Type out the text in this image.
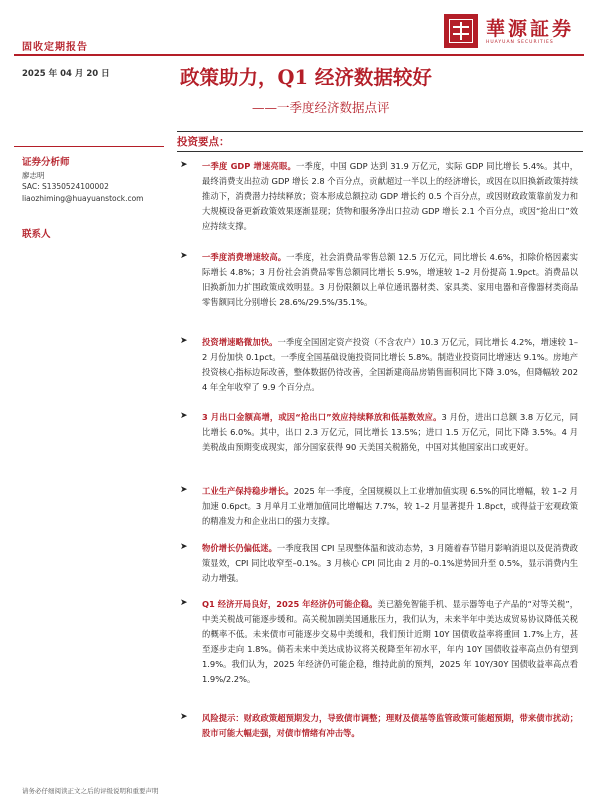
固收定期报告
華源証券
HUAYUAN SECURITIES
2025 年 04 月 20 日	政策助力，Q1 经济数据较好
——一季度经济数据点评
证券分析师
廖志明
SAC: S1350524100002
liaozhiming@huayuanstock.com
联系人
投资要点：
➤ 一季度 GDP 增速亮眼。一季度，中国 GDP 达到 31.9 万亿元，实际 GDP 同比增长 5.4%。其中，最终消费支出拉动 GDP 增长 2.8 个百分点，贡献超过一半以上的经济增长，或因在以旧换新政策持续推动下，消费潜力持续释放；资本形成总额拉动 GDP 增长约 0.5 个百分点，或因财政政策靠前发力和大规模设备更新政策效果逐渐显现；货物和服务净出口拉动 GDP 增长 2.1 个百分点，或因“抢出口”效应持续支撑。
➤ 一季度消费增速较高。一季度，社会消费品零售总额 12.5 万亿元，同比增长 4.6%，扣除价格因素实际增长 4.8%；3 月份社会消费品零售总额同比增长 5.9%，增速较 1–2 月份提高 1.9pct。消费品以旧换新加力扩围政策成效明显。3 月份限额以上单位通讯器材类、家具类、家用电器和音像器材类商品零售额同比分别增长 28.6%/29.5%/35.1%。
➤ 投资增速略微加快。一季度全国固定资产投资（不含农户）10.3 万亿元，同比增长 4.2%，增速较 1–2 月份加快 0.1pct。一季度全国基础设施投资同比增长 5.8%。制造业投资同比增速达 9.1%。房地产投资核心指标边际改善，整体数据仍待改善，全国新建商品房销售面积同比下降 3.0%，但降幅较 2024 年全年收窄了 9.9 个百分点。
➤ 3 月出口金额高增，或因“抢出口”效应持续释放和低基数效应。3 月份，进出口总额 3.8 万亿元，同比增长 6.0%。其中，出口 2.3 万亿元，同比增长 13.5%；进口 1.5 万亿元，同比下降 3.5%。4 月美税战由预期变成现实，部分国家获得 90 天美国关税豁免，中国对其他国家出口或更好。
➤ 工业生产保持稳步增长。2025 年一季度，全国规模以上工业增加值实现 6.5%的同比增幅，较 1–2 月加速 0.6pct。3 月单月工业增加值同比增幅达 7.7%，较 1–2 月显著提升 1.8pct，或得益于宏观政策的精准发力和企业出口的强力支撑。
➤ 物价增长仍偏低迷。一季度我国 CPI 呈现整体温和波动态势，3 月随着春节错月影响消退以及促消费政策显效，CPI 同比收窄至–0.1%。3 月核心 CPI 同比由 2 月的–0.1%逆势回升至 0.5%，显示消费内生动力增强。
➤ Q1 经济开局良好，2025 年经济仍可能企稳。美已豁免智能手机、显示器等电子产品的“对等关税”，中美关税战可能逐步缓和。高关税加剧美国通胀压力，我们认为，未来半年中美达成贸易协议降低关税的概率不低。未来债市可能逐步交易中美缓和，我们预计近期 10Y 国债收益率将重回 1.7%上方，甚至逐步走向 1.8%。倘若未来中美达成协议将关税降至年初水平，年内 10Y 国债收益率高点仍有望到 1.9%。我们认为，2025 年经济仍可能企稳，维持此前的预判，2025 年 10Y/30Y 国债收益率高点看 1.9%/2.2%。
➤ 风险提示：财政政策超预期发力，导致债市调整；理财及债基等监管政策可能超预期，带来债市扰动；股市可能大幅走强，对债市情绪有冲击等。
请务必仔细阅读正文之后的评级说明和重要声明
